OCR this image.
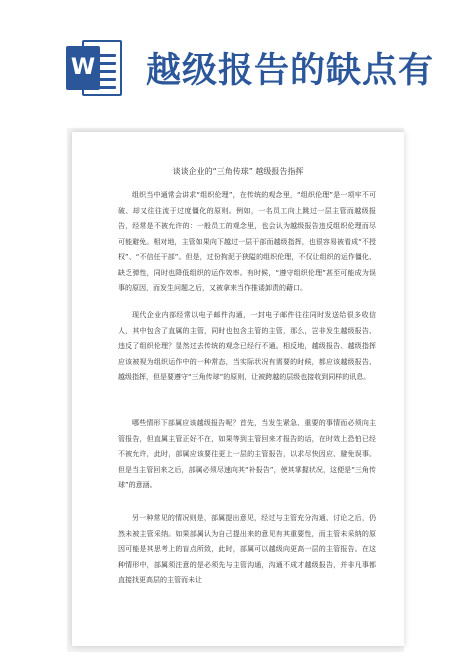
W 越级报告的缺点有
谈谈企业的“三角传球” 越级报告指挥

组织当中通常会讲求“组织伦理”，在传统的观念里，“组织伦理”是一项牢不可破、却又往往流于过度僵化的原则。例如，一名员工向上跳过一层主管而越级报告，经常是不被允许的：一般员工的观念里，也会认为越级报告违反组织伦理而尽可能避免。相对地，主管如果向下越过一层干部而越级指挥，也很容易被看成“不授权”、“不信任干部”。但是，过份拘泥于狭隘的组织伦理，不仅让组织的运作僵化、缺乏弹性，同时也降低组织的运作效率。有时候，“遵守组织伦理”甚至可能成为误事的原因，而发生问题之后，又被拿来当作推诿卸责的藉口。

现代企业内部经常以电子邮件沟通，一封电子邮件往往同时发送给很多收信人，其中包含了直属的主管，同时也包含主管的主管，那么，岂非发生越级报告、违反了组织伦理？显然过去传统的观念已经行不通。相反地，越级报告、越级指挥应该被视为组织运作中的一种常态，当实际状况有需要的时候，都应该越级报告、越级指挥，但是要遵守“三角传球”的原则，让被跨越的层级也接收到同样的讯息。

哪些情形下部属应该越级报告呢？首先，当发生紧急、重要的事情而必须向主管报告，但直属主管正好不在，如果等到主管回来才报告的话，在时效上恐怕已经不被允许，此时，部属应该要往更上一层的主管报告，以求尽快因应、避免误事。但是当主管回来之后，部属必须尽速向其“补报告”，使其掌握状况，这便是“三角传球”的意涵。

另一种常见的情况则是，部属提出意见，经过与主管充分沟通、讨论之后，仍然未被主管采纳。如果部属认为自己提出来的意见有其重要性，而主管未采纳的原因可能是其思考上的盲点所致，此时，部属可以越级向更高一层的主管报告。在这种情形中，部属须注意的是必须先与主管沟通，沟通不成才越级报告，并非凡事都直接找更高层的主管而未让
